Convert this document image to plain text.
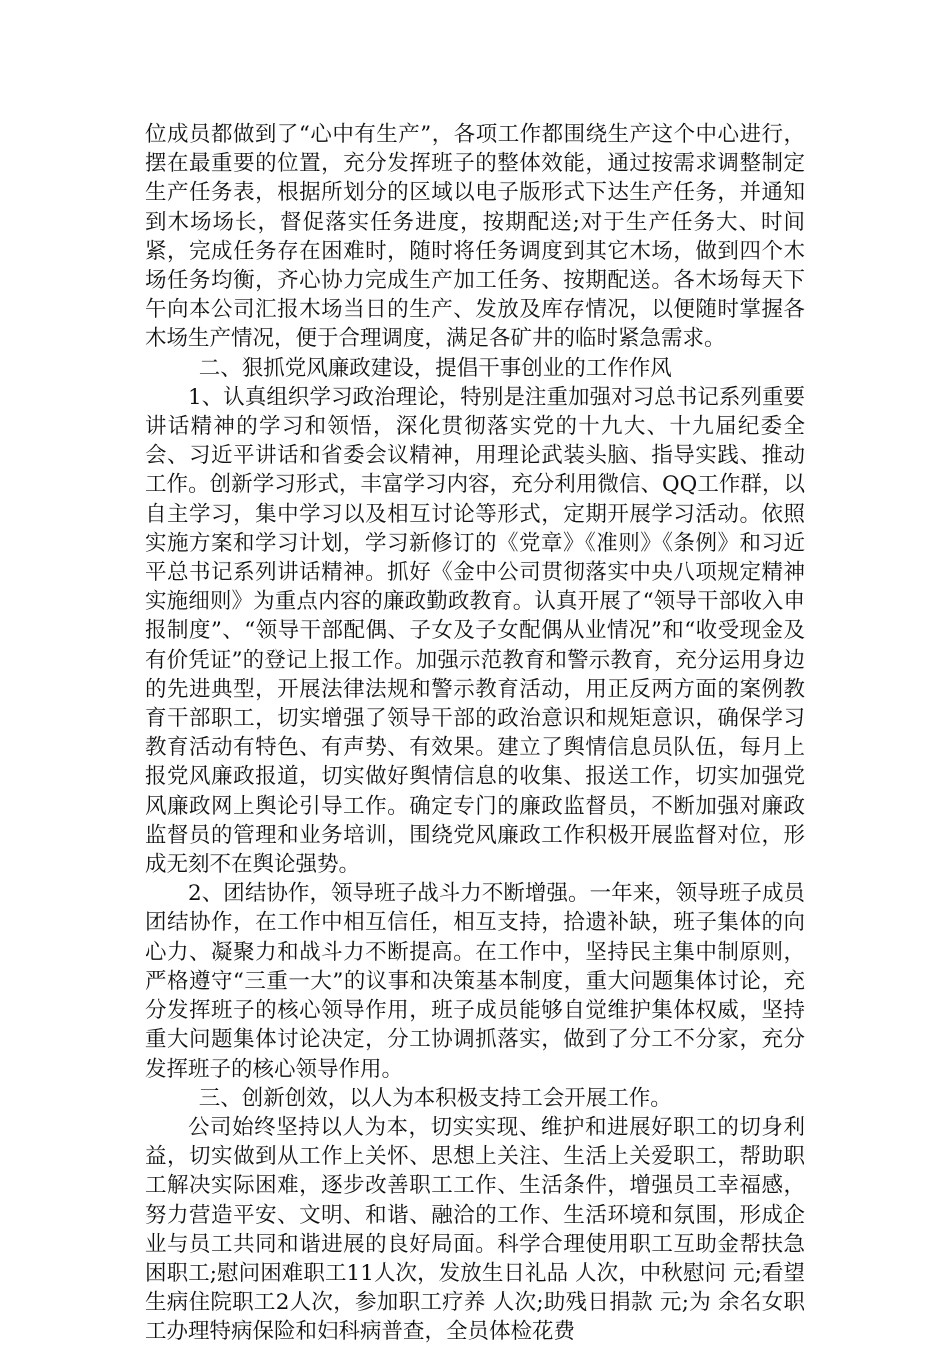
位成员都做到了“心中有生产”，各项工作都围绕生产这个中心进行，摆在最重要的位置，充分发挥班子的整体效能，通过按需求调整制定生产任务表，根据所划分的区域以电子版形式下达生产任务，并通知到木场场长，督促落实任务进度，按期配送;对于生产任务大、时间紧，完成任务存在困难时，随时将任务调度到其它木场，做到四个木场任务均衡，齐心协力完成生产加工任务、按期配送。各木场每天下午向本公司汇报木场当日的生产、发放及库存情况，以便随时掌握各木场生产情况，便于合理调度，满足各矿井的临时紧急需求。

二、狠抓党风廉政建设，提倡干事创业的工作作风

1、认真组织学习政治理论，特别是注重加强对习总书记系列重要讲话精神的学习和领悟，深化贯彻落实党的十九大、十九届纪委全会、习近平讲话和省委会议精神，用理论武装头脑、指导实践、推动工作。创新学习形式，丰富学习内容，充分利用微信、QQ工作群，以自主学习，集中学习以及相互讨论等形式，定期开展学习活动。依照实施方案和学习计划，学习新修订的《党章》《准则》《条例》和习近平总书记系列讲话精神。抓好《金中公司贯彻落实中央八项规定精神实施细则》为重点内容的廉政勤政教育。认真开展了“领导干部收入申报制度”、“领导干部配偶、子女及子女配偶从业情况”和“收受现金及有价凭证”的登记上报工作。加强示范教育和警示教育，充分运用身边的先进典型，开展法律法规和警示教育活动，用正反两方面的案例教育干部职工，切实增强了领导干部的政治意识和规矩意识，确保学习教育活动有特色、有声势、有效果。建立了舆情信息员队伍，每月上报党风廉政报道，切实做好舆情信息的收集、报送工作，切实加强党风廉政网上舆论引导工作。确定专门的廉政监督员，不断加强对廉政监督员的管理和业务培训，围绕党风廉政工作积极开展监督对位，形成无刻不在舆论强势。

2、团结协作，领导班子战斗力不断增强。一年来，领导班子成员团结协作，在工作中相互信任，相互支持，拾遗补缺，班子集体的向心力、凝聚力和战斗力不断提高。在工作中，坚持民主集中制原则，严格遵守“三重一大”的议事和决策基本制度，重大问题集体讨论，充分发挥班子的核心领导作用，班子成员能够自觉维护集体权威，坚持重大问题集体讨论决定，分工协调抓落实，做到了分工不分家，充分发挥班子的核心领导作用。

三、创新创效，以人为本积极支持工会开展工作。

公司始终坚持以人为本，切实实现、维护和进展好职工的切身利益，切实做到从工作上关怀、思想上关注、生活上关爱职工，帮助职工解决实际困难，逐步改善职工工作、生活条件，增强员工幸福感，努力营造平安、文明、和谐、融洽的工作、生活环境和氛围，形成企业与员工共同和谐进展的良好局面。科学合理使用职工互助金帮扶急困职工;慰问困难职工11人次，发放生日礼品 人次，中秋慰问 元;看望生病住院职工2人次，参加职工疗养 人次;助残日捐款 元;为 余名女职工办理特病保险和妇科病普查，全员体检花费
